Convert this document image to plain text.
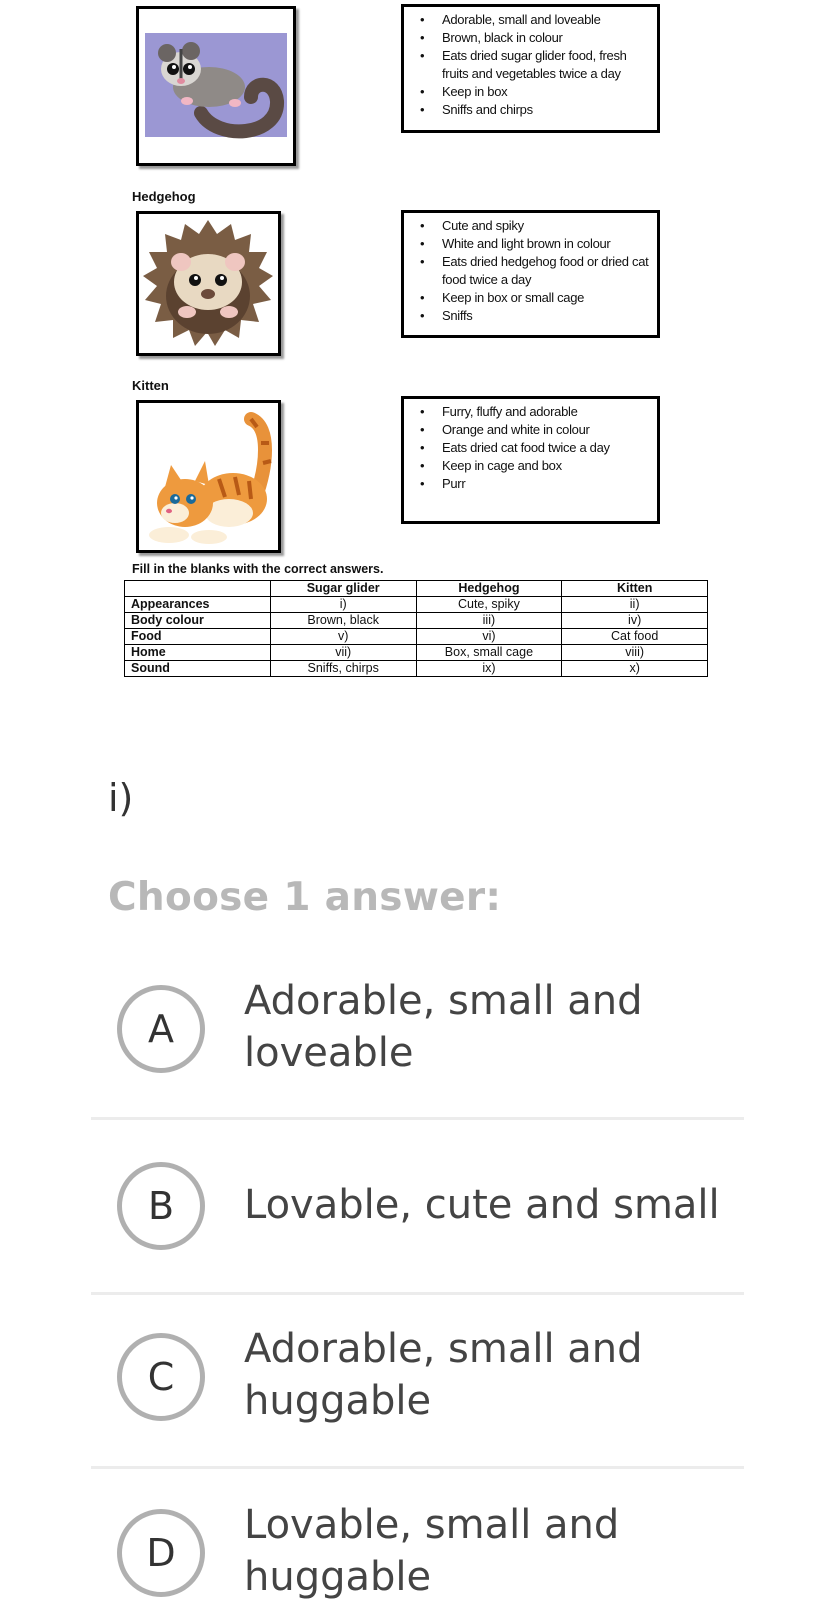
• Adorable, small and loveable
• Brown, black in colour
• Eats dried sugar glider food, fresh fruits and vegetables twice a day
• Keep in box
• Sniffs and chirps
Hedgehog
• Cute and spiky
• White and light brown in colour
• Eats dried hedgehog food or dried cat food twice a day
• Keep in box or small cage
• Sniffs
Kitten
• Furry, fluffy and adorable
• Orange and white in colour
• Eats dried cat food twice a day
• Keep in cage and box
• Purr
Fill in the blanks with the correct answers.
	Sugar glider	Hedgehog	Kitten
Appearances	i)	Cute, spiky	ii)
Body colour	Brown, black	iii)	iv)
Food	v)	vi)	Cat food
Home	vii)	Box, small cage	viii)
Sound	Sniffs, chirps	ix)	x)
i)
Choose 1 answer:
A
Adorable, small and loveable
B	Lovable, cute and small
C
Adorable, small and huggable
D
Lovable, small and huggable
